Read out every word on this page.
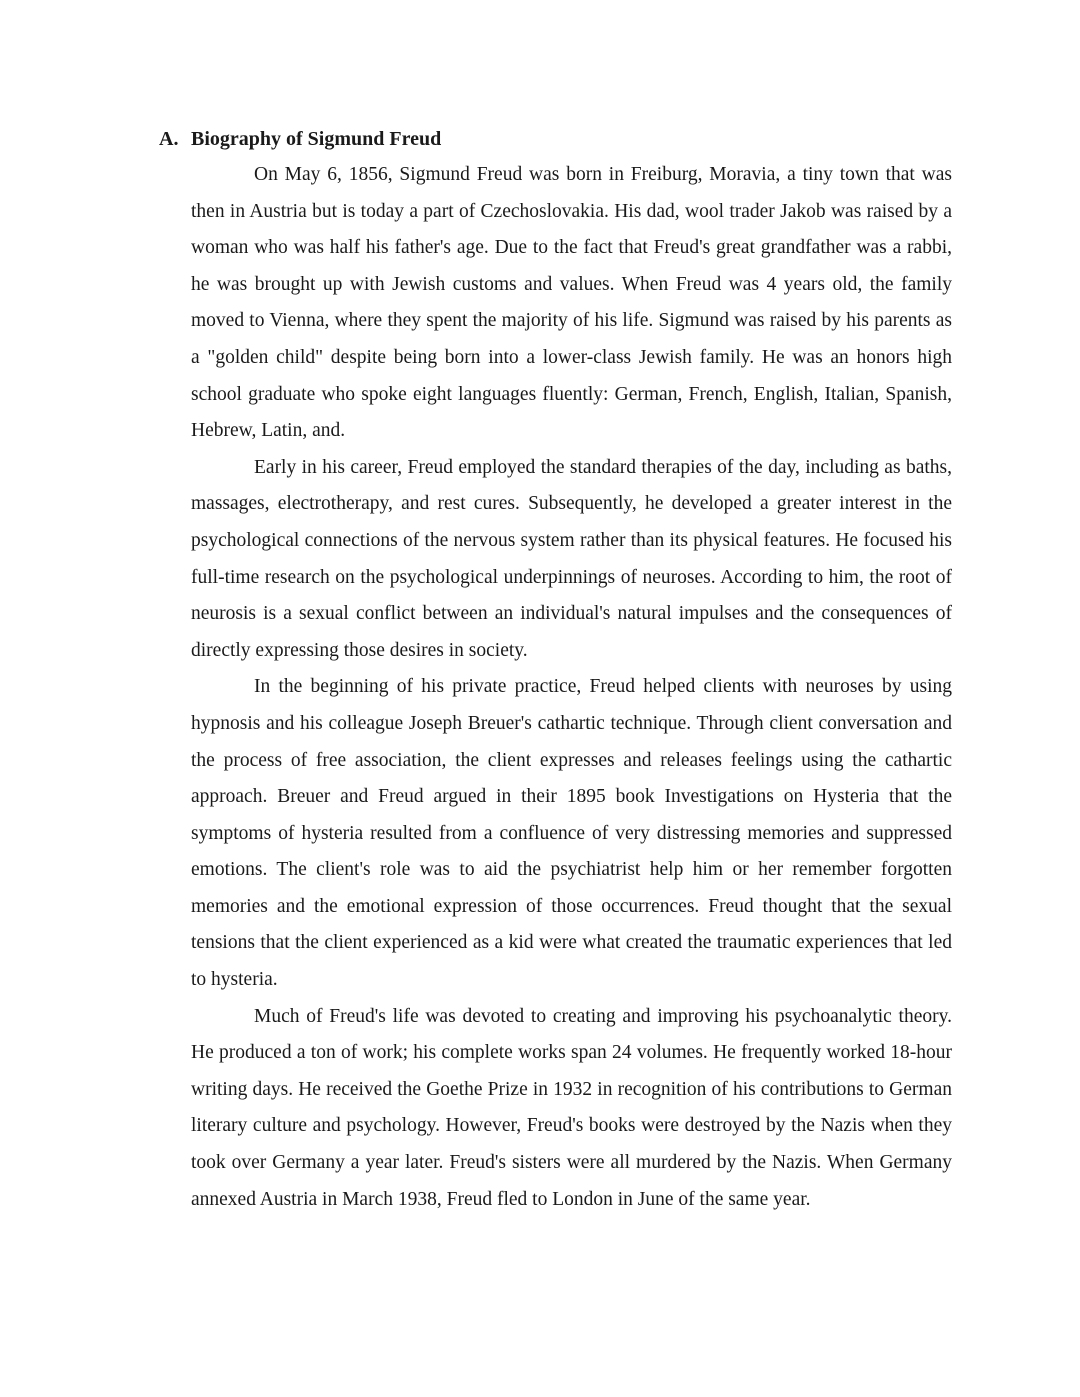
A. Biography of Sigmund Freud

On May 6, 1856, Sigmund Freud was born in Freiburg, Moravia, a tiny town that was then in Austria but is today a part of Czechoslovakia. His dad, wool trader Jakob was raised by a woman who was half his father's age. Due to the fact that Freud's great grandfather was a rabbi, he was brought up with Jewish customs and values. When Freud was 4 years old, the family moved to Vienna, where they spent the majority of his life. Sigmund was raised by his parents as a "golden child" despite being born into a lower-class Jewish family. He was an honors high school graduate who spoke eight languages fluently: German, French, English, Italian, Spanish, Hebrew, Latin, and.

Early in his career, Freud employed the standard therapies of the day, including as baths, massages, electrotherapy, and rest cures. Subsequently, he developed a greater interest in the psychological connections of the nervous system rather than its physical features. He focused his full-time research on the psychological underpinnings of neuroses. According to him, the root of neurosis is a sexual conflict between an individual's natural impulses and the consequences of directly expressing those desires in society.

In the beginning of his private practice, Freud helped clients with neuroses by using hypnosis and his colleague Joseph Breuer's cathartic technique. Through client conversation and the process of free association, the client expresses and releases feelings using the cathartic approach. Breuer and Freud argued in their 1895 book Investigations on Hysteria that the symptoms of hysteria resulted from a confluence of very distressing memories and suppressed emotions. The client's role was to aid the psychiatrist help him or her remember forgotten memories and the emotional expression of those occurrences. Freud thought that the sexual tensions that the client experienced as a kid were what created the traumatic experiences that led to hysteria.

Much of Freud's life was devoted to creating and improving his psychoanalytic theory. He produced a ton of work; his complete works span 24 volumes. He frequently worked 18-hour writing days. He received the Goethe Prize in 1932 in recognition of his contributions to German literary culture and psychology. However, Freud's books were destroyed by the Nazis when they took over Germany a year later. Freud's sisters were all murdered by the Nazis. When Germany annexed Austria in March 1938, Freud fled to London in June of the same year.
